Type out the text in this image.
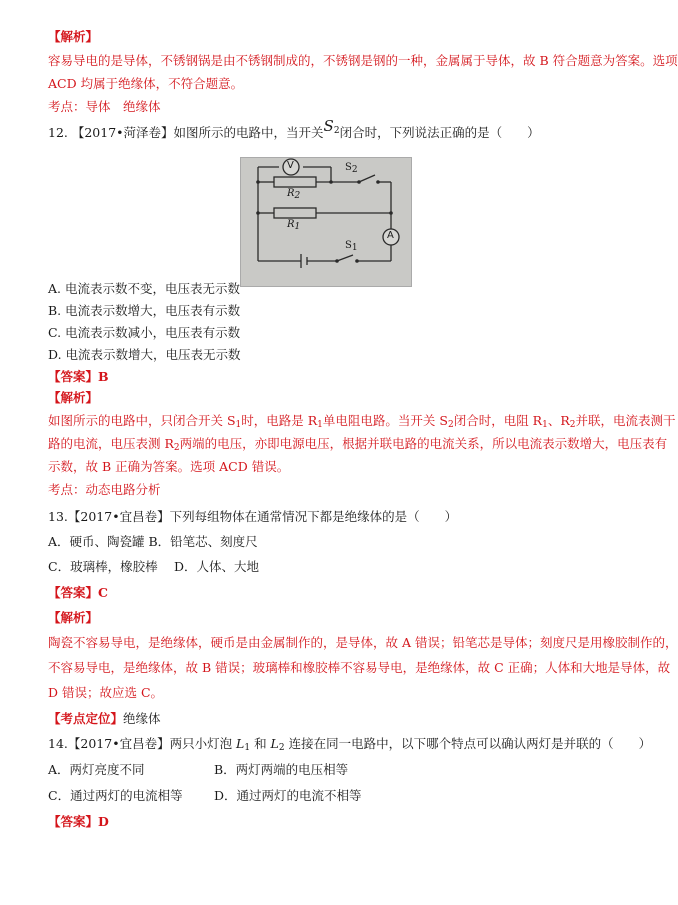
【解析】
容易导电的是导体，不锈钢锅是由不锈钢制成的，不锈钢是钢的一种，金属属于导体，故 B 符合题意为答案。选项
ACD 均属于绝缘体，不符合题意。
考点：导体　绝缘体
12. 【2017•菏泽卷】如图所示的电路中，当开关$S_2$闭合时，下列说法正确的是（　　）
V
A
$R_2$
$R_1$
$S_2$
$S_1$
A. 电流表示数不变，电压表无示数
B. 电流表示数增大，电压表有示数
C. 电流表示数减小，电压表有示数
D. 电流表示数增大，电压表无示数
【答案】B
【解析】
如图所示的电路中，只闭合开关 $S_1$时，电路是 $R_1$单电阻电路。当开关 $S_2$闭合时，电阻 $R_1$、$R_2$并联，电流表测干
路的电流，电压表测 $R_2$两端的电压，亦即电源电压，根据并联电路的电流关系，所以电流表示数增大，电压表有
示数，故 B 正确为答案。选项 ACD 错误。
考点：动态电路分析
13.【2017•宜昌卷】下列每组物体在通常情况下都是绝缘体的是（　　）
A．硬币、陶瓷罐 B．铅笔芯、刻度尺
C．玻璃棒，橡胶棒　 D．人体、大地
【答案】C
【解析】
陶瓷不容易导电，是绝缘体，硬币是由金属制作的，是导体，故 A 错误；铅笔芯是导体；刻度尺是用橡胶制作的，
不容易导电，是绝缘体，故 B 错误；玻璃棒和橡胶棒不容易导电，是绝缘体，故 C 正确；人体和大地是导体，故
D 错误；故应选 C。
【考点定位】绝缘体
14.【2017•宜昌卷】两只小灯泡 $L_1$ 和 $L_2$ 连接在同一电路中，以下哪个特点可以确认两灯是并联的（　　）
A．两灯亮度不同	B．两灯两端的电压相等
C．通过两灯的电流相等	D．通过两灯的电流不相等
【答案】D
